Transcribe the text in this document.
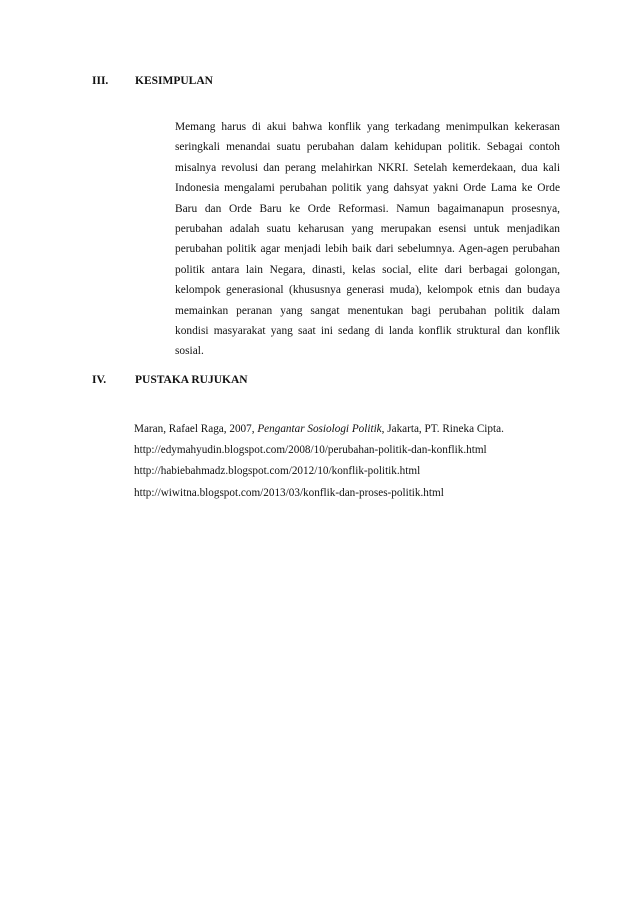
III. KESIMPULAN
Memang harus di akui bahwa konflik yang terkadang menimpulkan kekerasan
seringkali menandai suatu perubahan dalam kehidupan politik. Sebagai contoh
misalnya revolusi dan perang melahirkan NKRI. Setelah kemerdekaan, dua kali
Indonesia mengalami perubahan politik yang dahsyat yakni Orde Lama ke Orde
Baru dan Orde Baru ke Orde Reformasi. Namun bagaimanapun prosesnya,
perubahan adalah suatu keharusan yang merupakan esensi untuk menjadikan
perubahan politik agar menjadi lebih baik dari sebelumnya. Agen-agen perubahan
politik antara lain Negara, dinasti, kelas social, elite dari berbagai golongan,
kelompok generasional (khususnya generasi muda), kelompok etnis dan budaya
memainkan peranan yang sangat menentukan bagi perubahan politik dalam
kondisi masyarakat yang saat ini sedang di landa konflik struktural dan konflik
sosial.
IV.	PUSTAKA RUJUKAN
Maran, Rafael Raga, 2007, Pengantar Sosiologi Politik, Jakarta, PT. Rineka Cipta.
http://edymahyudin.blogspot.com/2008/10/perubahan-politik-dan-konflik.html
http://habiebahmadz.blogspot.com/2012/10/konflik-politik.html
http://wiwitna.blogspot.com/2013/03/konflik-dan-proses-politik.html
